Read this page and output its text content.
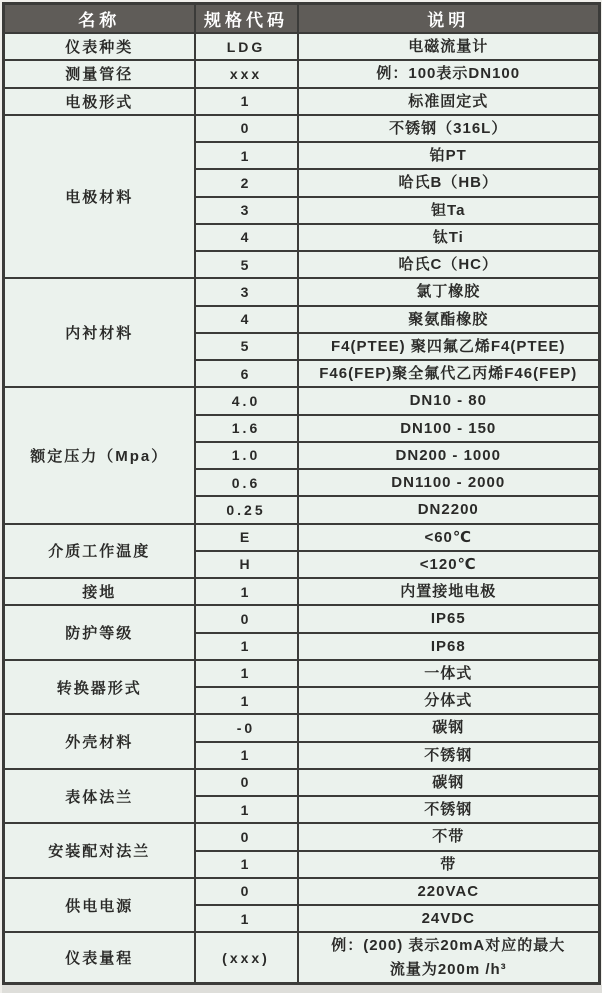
名称	规格代码	说明
仪表种类	LDG	电磁流量计
测量管径	xxx	例：100表示DN100
电极形式	1	标准固定式
电极材料	0	不锈钢（316L）
	1	铂PT
	2	哈氏B（HB）
	3	钽Ta
	4	钛Ti
	5	哈氏C（HC）
内衬材料	3	氯丁橡胶
	4	聚氨酯橡胶
	5	F4(PTEE) 聚四氟乙烯F4(PTEE)
	6	F46(FEP)聚全氟代乙丙烯F46(FEP)
额定压力（Mpa）	4.0	DN10 - 80
	1.6	DN100 - 150
	1.0	DN200 - 1000
	0.6	DN1100 - 2000
	0.25	DN2200
介质工作温度	E	<60℃
	H	<120℃
接地	1	内置接地电极
防护等级	0	IP65
	1	IP68
转换器形式	1	一体式
	1	分体式
外壳材料	-0	碳钢
	1	不锈钢
表体法兰	0	碳钢
	1	不锈钢
安装配对法兰	0	不带
	1	带
供电电源	0	220VAC
	1	24VDC
仪表量程	(xxx)	例：(200) 表示20mA对应的最大
流量为200m /h³
